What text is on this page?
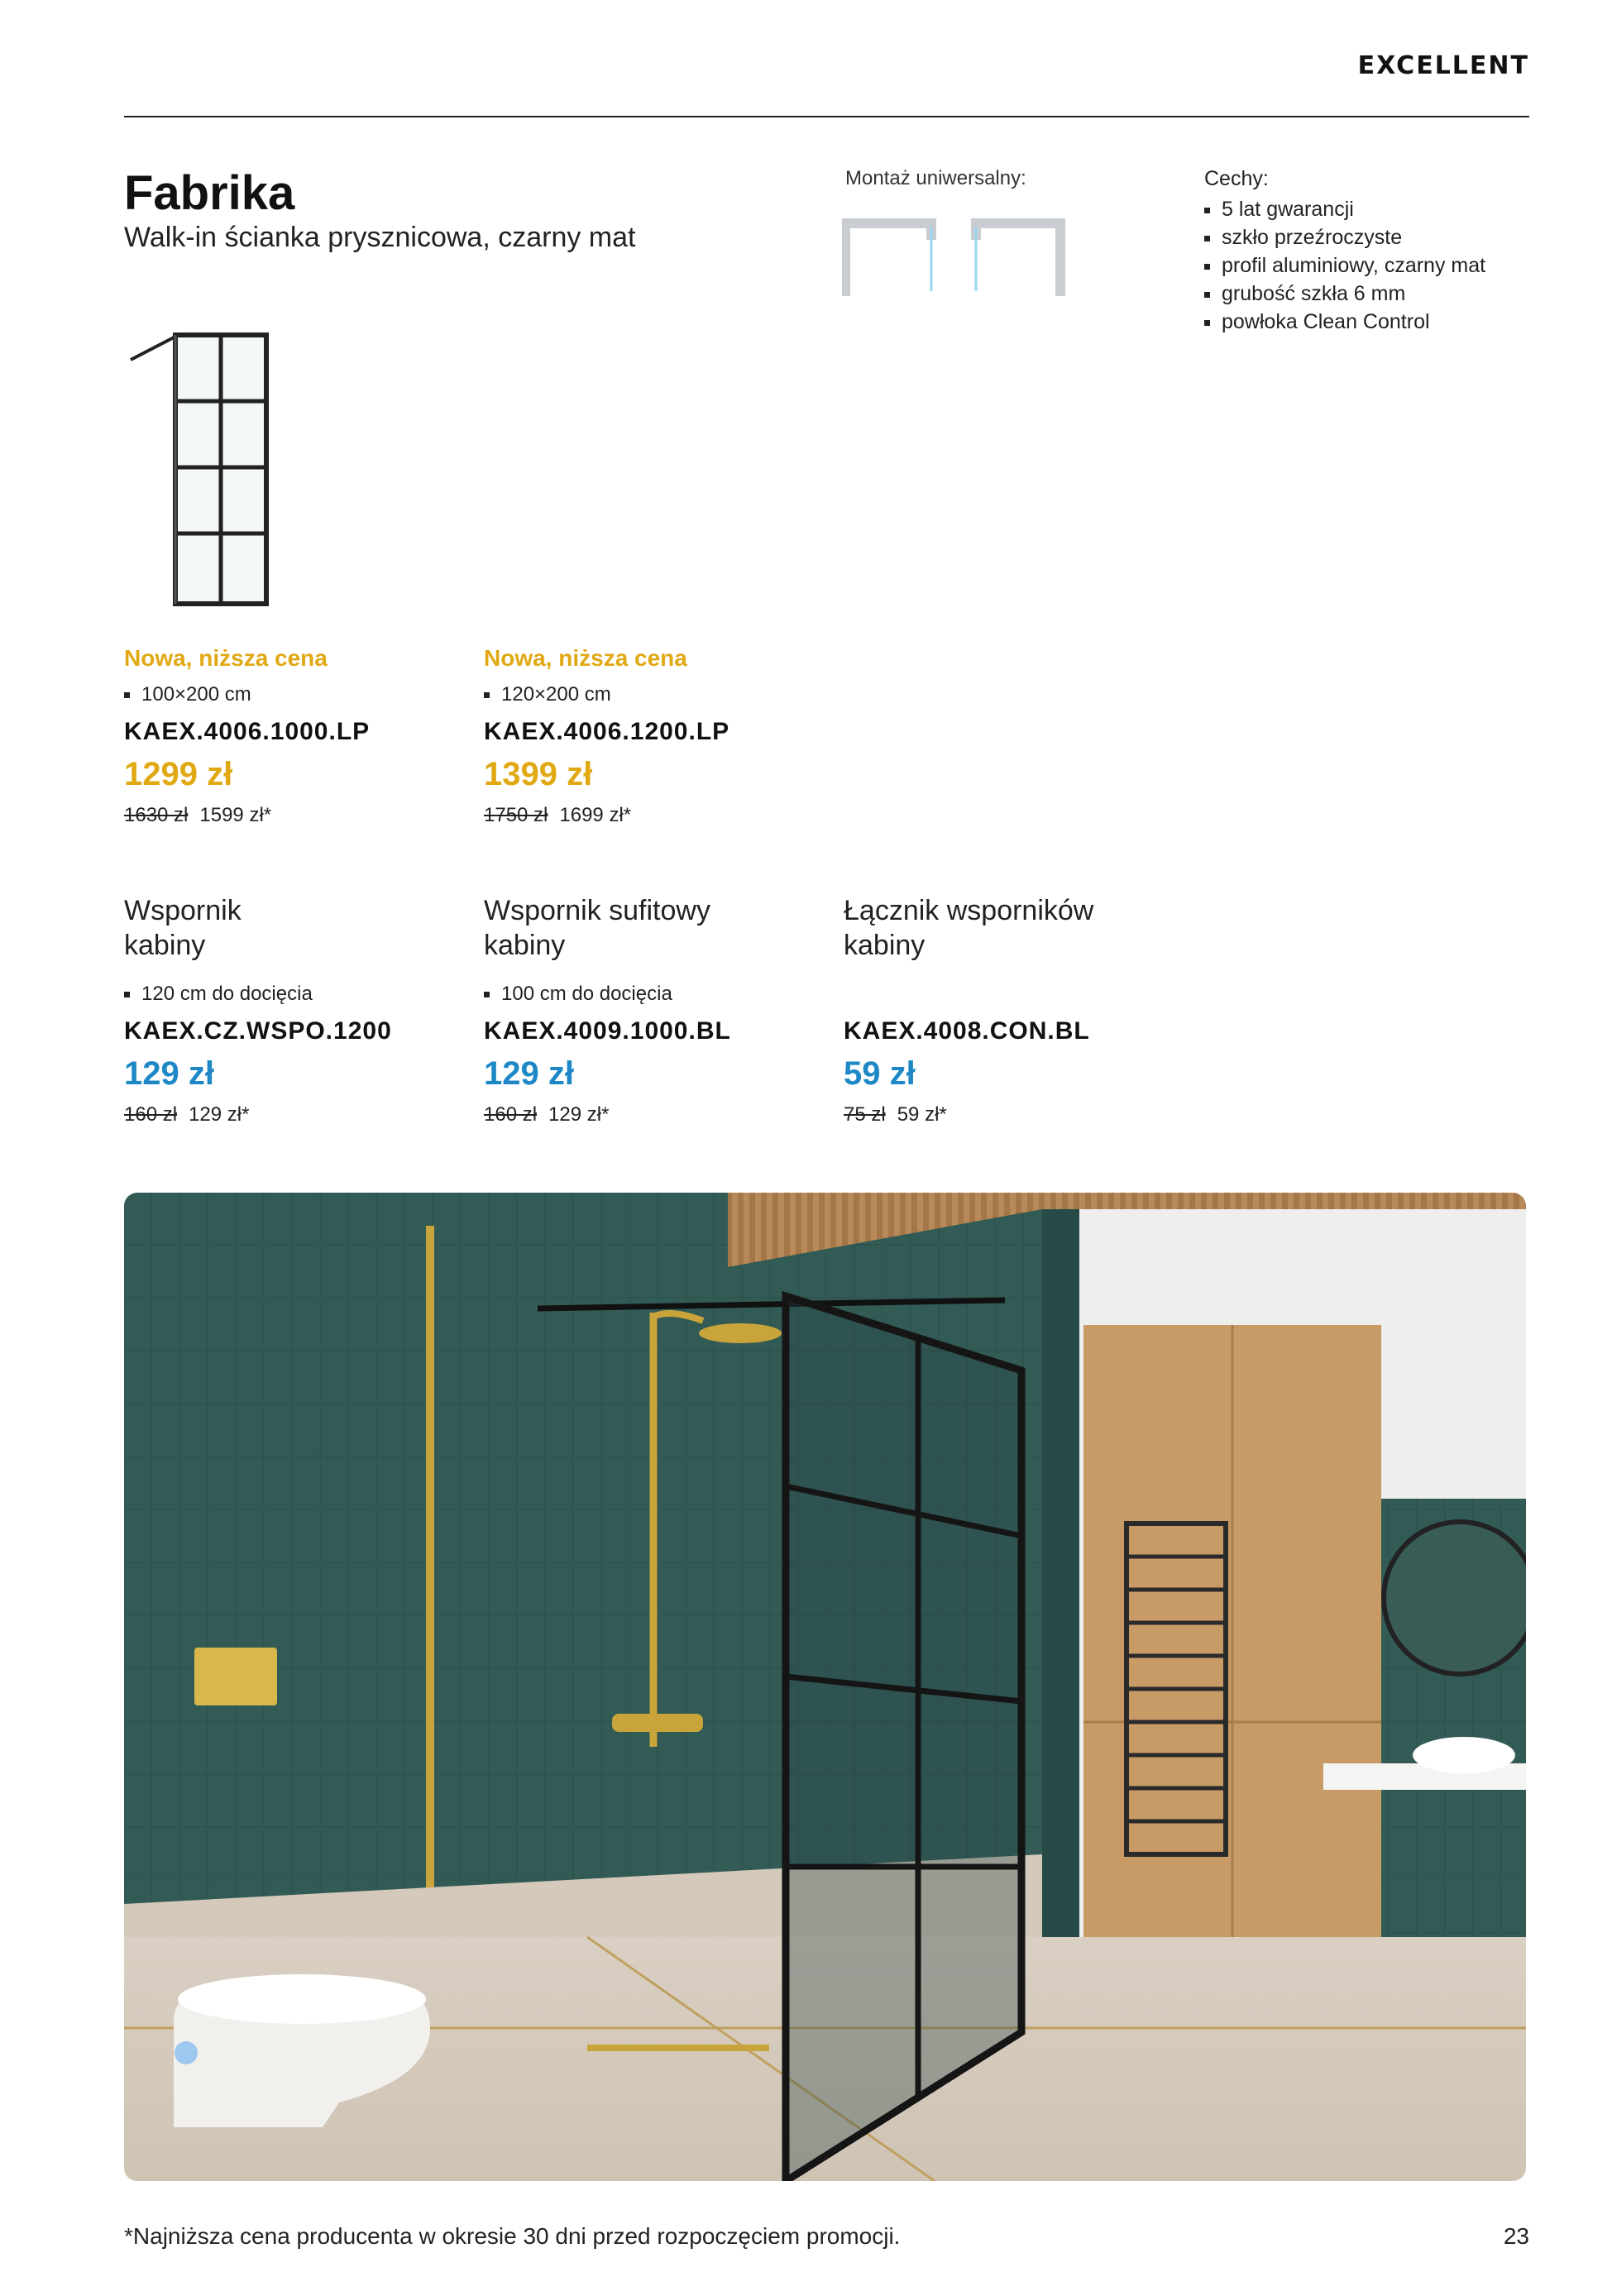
EXCELLENT
Fabrika
Walk-in ścianka prysznicowa, czarny mat
Montaż uniwersalny:	Cechy:
5 lat gwarancji
szkło przeźroczyste
profil aluminiowy, czarny mat
grubość szkła 6 mm
powłoka Clean Control
Nowa, niższa cena
100×200 cm
KAEX.4006.1000.LP
1299 zł
1630 zł 1599 zł*
Nowa, niższa cena
120×200 cm
KAEX.4006.1200.LP
1399 zł
1750 zł 1699 zł*
Wspornik
kabiny
120 cm do docięcia
KAEX.CZ.WSPO.1200
129 zł
160 zł 129 zł*
Wspornik sufitowy
kabiny
100 cm do docięcia
KAEX.4009.1000.BL
129 zł
160 zł 129 zł*
Łącznik wsporników
kabiny
KAEX.4008.CON.BL
59 zł
75 zł 59 zł*
*Najniższa cena producenta w okresie 30 dni przed rozpoczęciem promocji.	23
